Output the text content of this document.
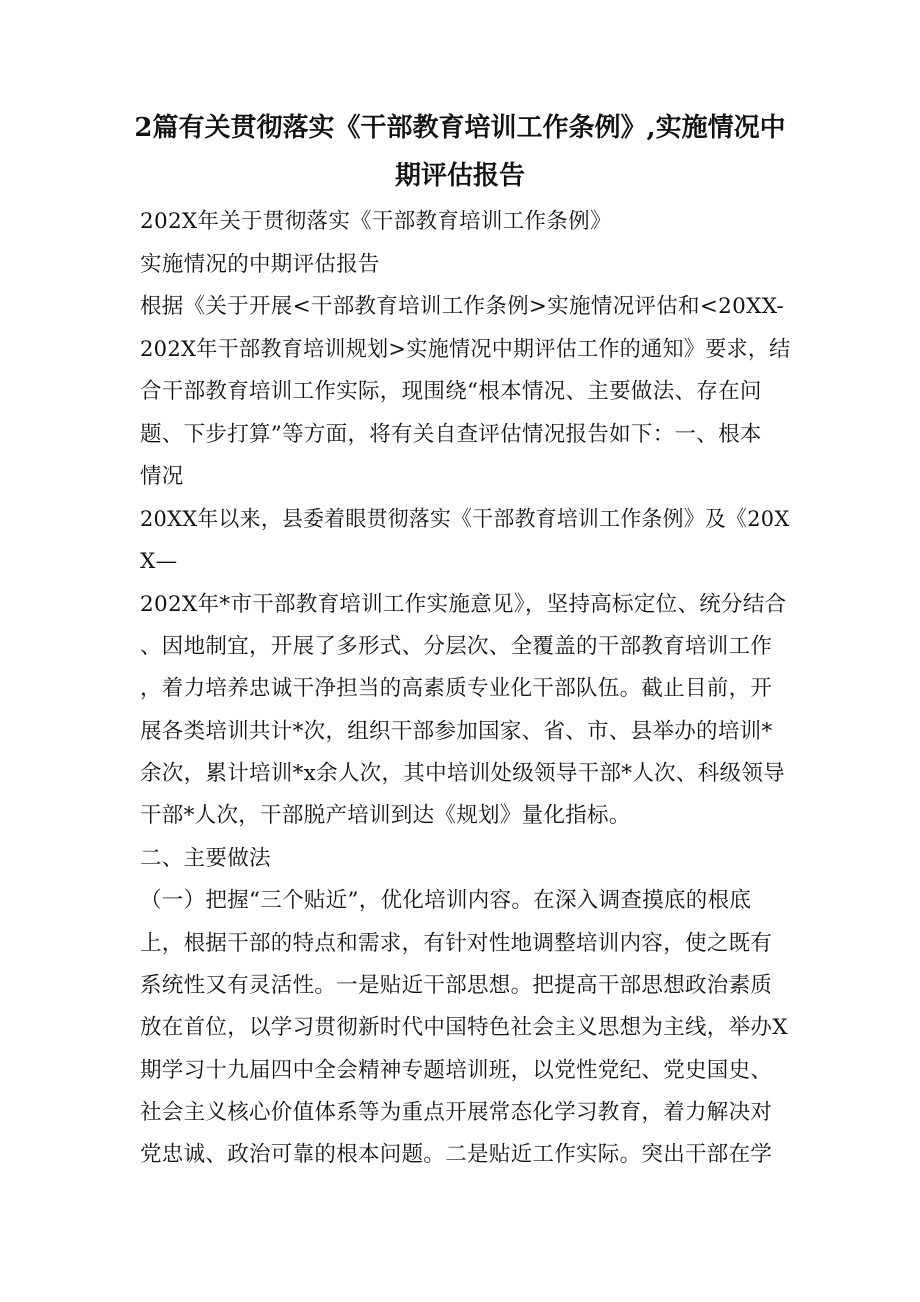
2篇有关贯彻落实《干部教育培训工作条例》,实施情况中
期评估报告
202X年关于贯彻落实《干部教育培训工作条例》
实施情况的中期评估报告
根据《关于开展<干部教育培训工作条例>实施情况评估和<20XX-
202X年干部教育培训规划>实施情况中期评估工作的通知》要求，结
合干部教育培训工作实际，现围绕“根本情况、主要做法、存在问
题、下步打算”等方面，将有关自查评估情况报告如下：一、根本
情况
20XX年以来，县委着眼贯彻落实《干部教育培训工作条例》及《20X
X—
202X年*市干部教育培训工作实施意见》，坚持高标定位、统分结合
、因地制宜，开展了多形式、分层次、全覆盖的干部教育培训工作
，着力培养忠诚干净担当的高素质专业化干部队伍。截止目前，开
展各类培训共计*次，组织干部参加国家、省、市、县举办的培训*
余次，累计培训*x余人次，其中培训处级领导干部*人次、科级领导
干部*人次，干部脱产培训到达《规划》量化指标。
二、主要做法
（一）把握“三个贴近”，优化培训内容。在深入调查摸底的根底
上，根据干部的特点和需求，有针对性地调整培训内容，使之既有
系统性又有灵活性。一是贴近干部思想。把提高干部思想政治素质
放在首位，以学习贯彻新时代中国特色社会主义思想为主线，举办X
期学习十九届四中全会精神专题培训班，以党性党纪、党史国史、
社会主义核心价值体系等为重点开展常态化学习教育，着力解决对
党忠诚、政治可靠的根本问题。二是贴近工作实际。突出干部在学
